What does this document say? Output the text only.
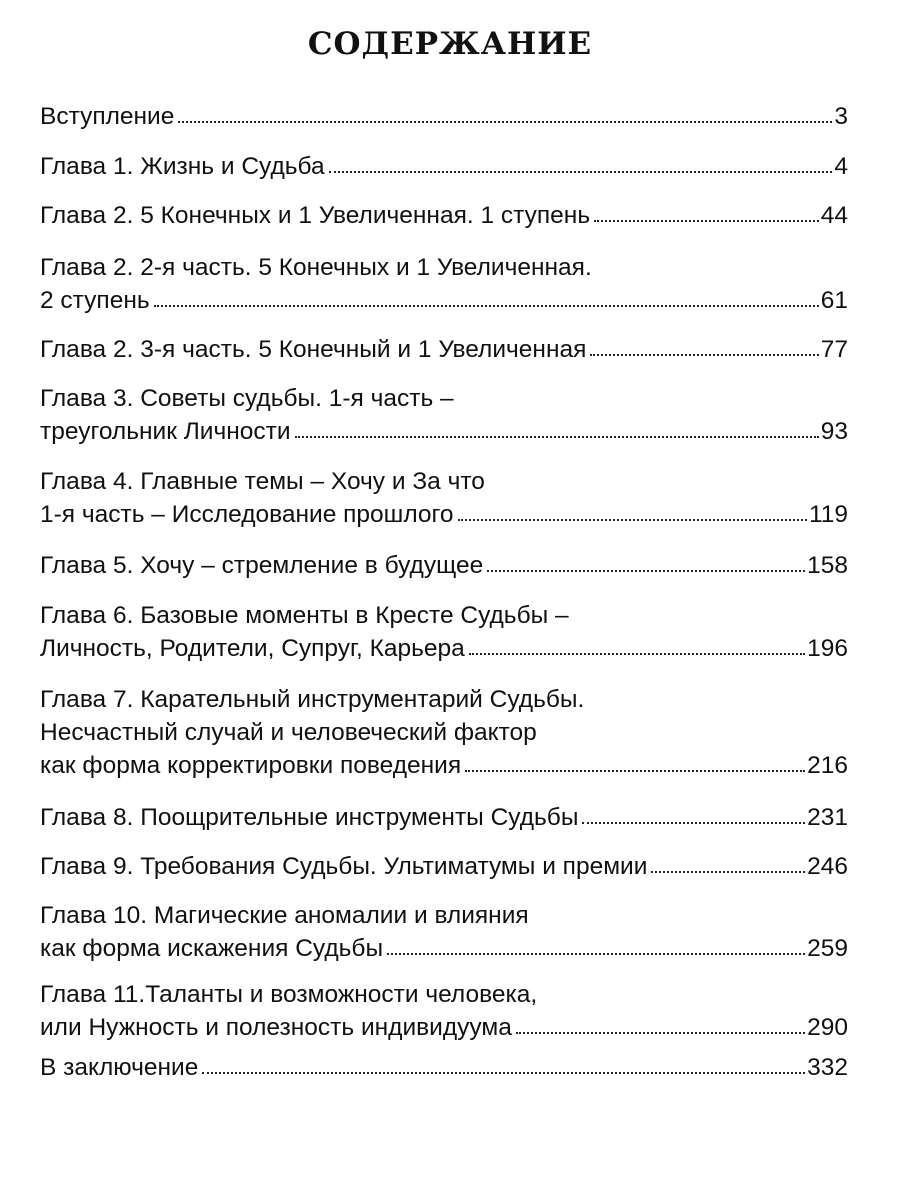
СОДЕРЖАНИЕ
Вступление	3
Глава 1. Жизнь и Судьба	4
Глава 2. 5 Конечных и 1 Увеличенная. 1 ступень	44
Глава 2. 2-я часть. 5 Конечных и 1 Увеличенная.
2 ступень	61
Глава 2. 3-я часть. 5 Конечный и 1 Увеличенная	77
Глава 3. Советы судьбы. 1-я часть –
треугольник Личности	93
Глава 4. Главные темы – Хочу и За что
1-я часть – Исследование прошлого	119
Глава 5. Хочу – стремление в будущее	158
Глава 6. Базовые моменты в Кресте Судьбы –
Личность, Родители, Супруг, Карьера	196
Глава 7. Карательный инструментарий Судьбы.
Несчастный случай и человеческий фактор
как форма корректировки поведения	216
Глава 8. Поощрительные инструменты Судьбы	231
Глава 9. Требования Судьбы. Ультиматумы и премии	246
Глава 10. Магические аномалии и влияния
как форма искажения Судьбы	259
Глава 11.Таланты и возможности человека,
или Нужность и полезность индивидуума	290
В заключение	332
